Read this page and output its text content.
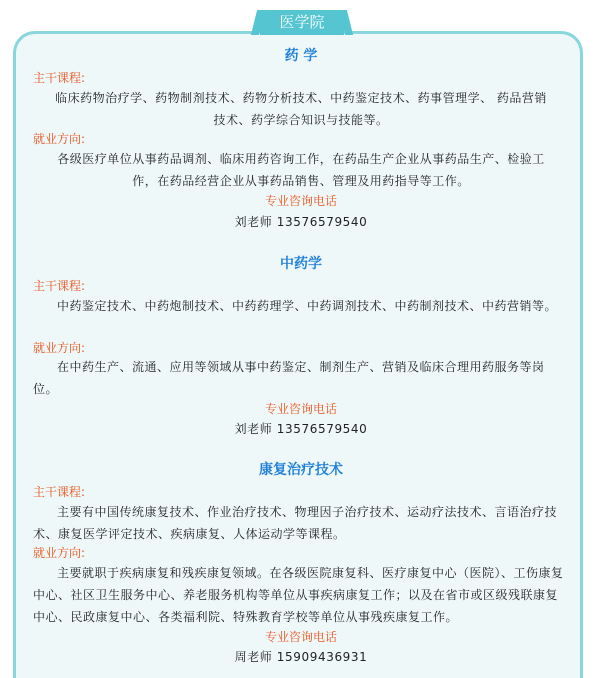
医学院
药 学
主干课程:
临床药物治疗学、药物制剂技术、药物分析技术、中药鉴定技术、药事管理学、 药品营销技术、药学综合知识与技能等。
就业方向:
各级医疗单位从事药品调剂、临床用药咨询工作，在药品生产企业从事药品生产、检验工作，在药品经营企业从事药品销售、管理及用药指导等工作。
专业咨询电话
刘老师 13576579540
中药学
主干课程:
中药鉴定技术、中药炮制技术、中药药理学、中药调剂技术、中药制剂技术、中药营销等。
就业方向:
在中药生产、流通、应用等领域从事中药鉴定、制剂生产、营销及临床合理用药服务等岗位。
专业咨询电话
刘老师 13576579540
康复治疗技术
主干课程:
主要有中国传统康复技术、作业治疗技术、物理因子治疗技术、运动疗法技术、言语治疗技术、康复医学评定技术、疾病康复、人体运动学等课程。
就业方向:
主要就职于疾病康复和残疾康复领域。在各级医院康复科、医疗康复中心（医院）、工伤康复中心、社区卫生服务中心、养老服务机构等单位从事疾病康复工作；以及在省市或区级残联康复中心、民政康复中心、各类福利院、特殊教育学校等单位从事残疾康复工作。
专业咨询电话
周老师 15909436931
